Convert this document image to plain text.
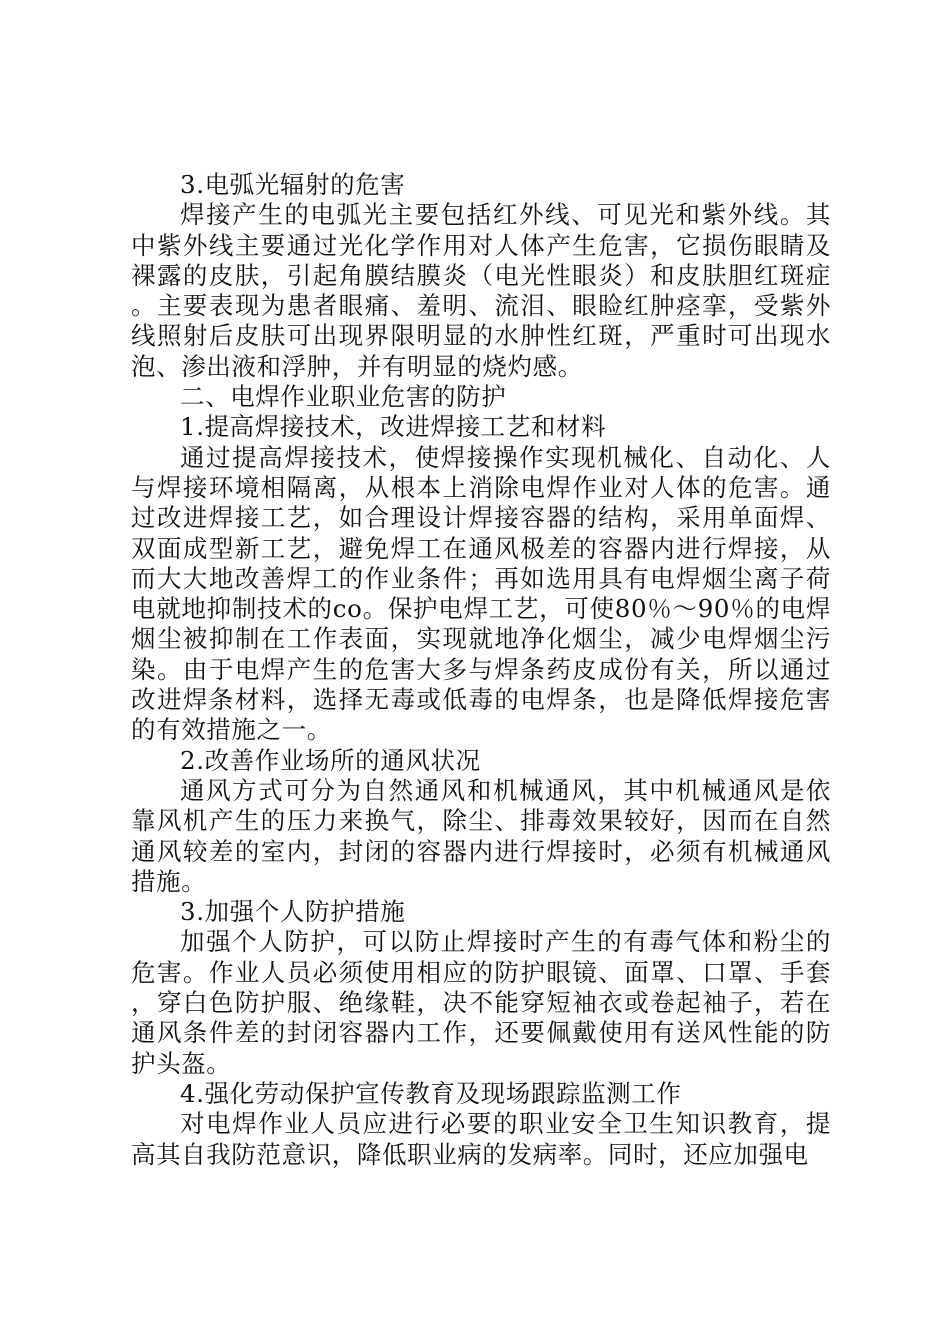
3.电弧光辐射的危害

焊接产生的电弧光主要包括红外线、可见光和紫外线。其中紫外线主要通过光化学作用对人体产生危害，它损伤眼睛及裸露的皮肤，引起角膜结膜炎（电光性眼炎）和皮肤胆红斑症。主要表现为患者眼痛、羞明、流泪、眼睑红肿痉挛，受紫外线照射后皮肤可出现界限明显的水肿性红斑，严重时可出现水泡、渗出液和浮肿，并有明显的烧灼感。

二、电焊作业职业危害的防护

1.提高焊接技术，改进焊接工艺和材料

通过提高焊接技术，使焊接操作实现机械化、自动化、人与焊接环境相隔离，从根本上消除电焊作业对人体的危害。通过改进焊接工艺，如合理设计焊接容器的结构，采用单面焊、双面成型新工艺，避免焊工在通风极差的容器内进行焊接，从而大大地改善焊工的作业条件；再如选用具有电焊烟尘离子荷电就地抑制技术的co。保护电焊工艺，可使80％～90％的电焊烟尘被抑制在工作表面，实现就地净化烟尘，减少电焊烟尘污染。由于电焊产生的危害大多与焊条药皮成份有关，所以通过改进焊条材料，选择无毒或低毒的电焊条，也是降低焊接危害的有效措施之一。

2.改善作业场所的通风状况

通风方式可分为自然通风和机械通风，其中机械通风是依靠风机产生的压力来换气，除尘、排毒效果较好，因而在自然通风较差的室内，封闭的容器内进行焊接时，必须有机械通风措施。

3.加强个人防护措施

加强个人防护，可以防止焊接时产生的有毒气体和粉尘的危害。作业人员必须使用相应的防护眼镜、面罩、口罩、手套，穿白色防护服、绝缘鞋，决不能穿短袖衣或卷起袖子，若在通风条件差的封闭容器内工作，还要佩戴使用有送风性能的防护头盔。

4.强化劳动保护宣传教育及现场跟踪监测工作

对电焊作业人员应进行必要的职业安全卫生知识教育，提高其自我防范意识，降低职业病的发病率。同时，还应加强电
